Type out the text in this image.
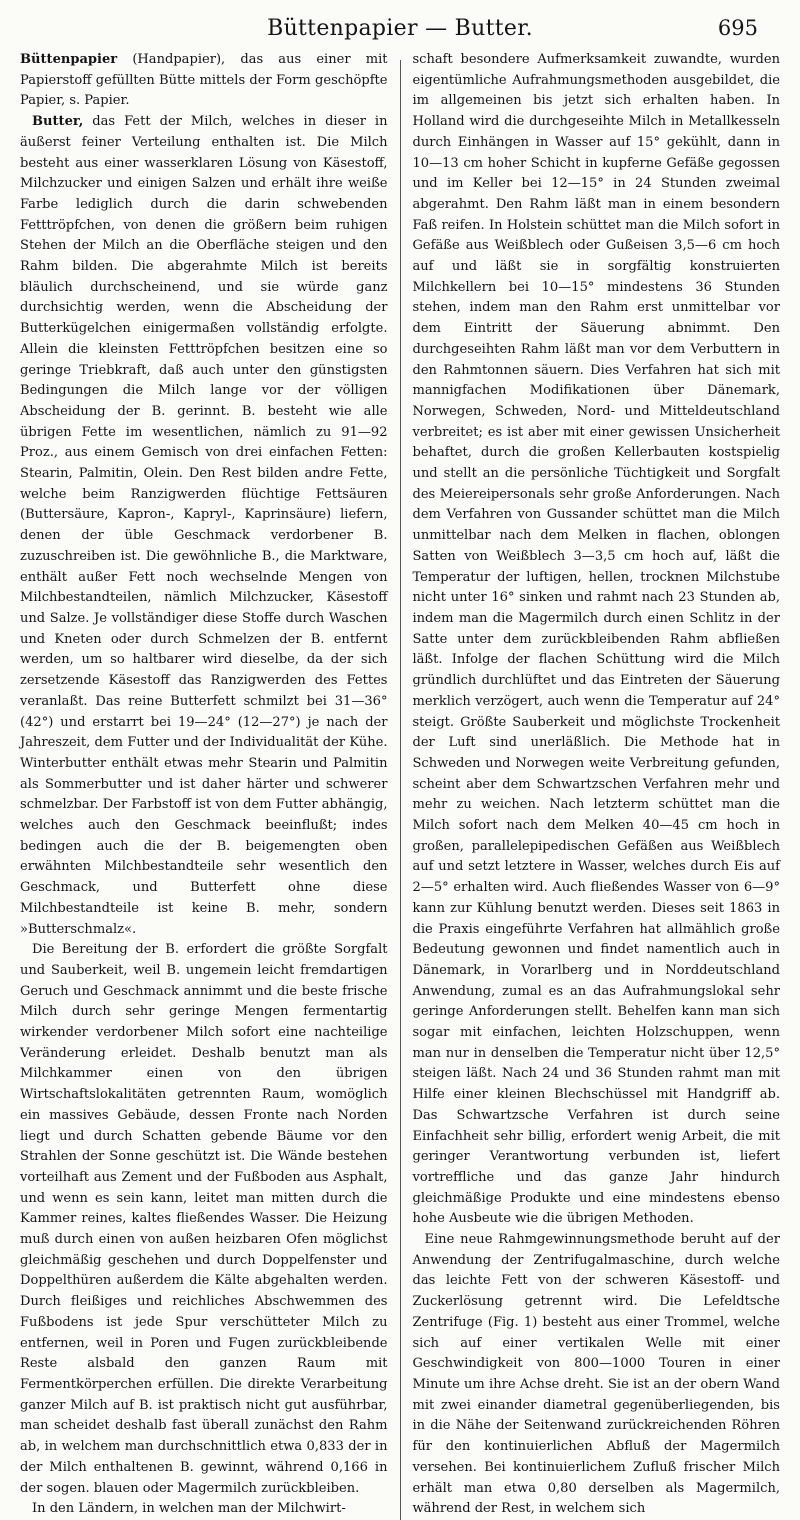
Büttenpapier — Butter.	695

Büttenpapier (Handpapier), das aus einer mit Papierstoff gefüllten Bütte mittels der Form geschöpfte Papier, s. Papier.

Butter, das Fett der Milch, welches in dieser in äußerst feiner Verteilung enthalten ist. Die Milch besteht aus einer wasserklaren Lösung von Käsestoff, Milchzucker und einigen Salzen und erhält ihre weiße Farbe lediglich durch die darin schwebenden Fetttröpfchen, von denen die größern beim ruhigen Stehen der Milch an die Oberfläche steigen und den Rahm bilden. Die abgerahmte Milch ist bereits bläulich durchscheinend, und sie würde ganz durchsichtig werden, wenn die Abscheidung der Butterkügelchen einigermaßen vollständig erfolgte. Allein die kleinsten Fetttröpfchen besitzen eine so geringe Triebkraft, daß auch unter den günstigsten Bedingungen die Milch lange vor der völligen Abscheidung der B. gerinnt. B. besteht wie alle übrigen Fette im wesentlichen, nämlich zu 91—92 Proz., aus einem Gemisch von drei einfachen Fetten: Stearin, Palmitin, Olein. Den Rest bilden andre Fette, welche beim Ranzigwerden flüchtige Fettsäuren (Buttersäure, Kapron-, Kapryl-, Kaprinsäure) liefern, denen der üble Geschmack verdorbener B. zuzuschreiben ist. Die gewöhnliche B., die Marktware, enthält außer Fett noch wechselnde Mengen von Milchbestandteilen, nämlich Milchzucker, Käsestoff und Salze. Je vollständiger diese Stoffe durch Waschen und Kneten oder durch Schmelzen der B. entfernt werden, um so haltbarer wird dieselbe, da der sich zersetzende Käsestoff das Ranzigwerden des Fettes veranlaßt. Das reine Butterfett schmilzt bei 31—36° (42°) und erstarrt bei 19—24° (12—27°) je nach der Jahreszeit, dem Futter und der Individualität der Kühe. Winterbutter enthält etwas mehr Stearin und Palmitin als Sommerbutter und ist daher härter und schwerer schmelzbar. Der Farbstoff ist von dem Futter abhängig, welches auch den Geschmack beeinflußt; indes bedingen auch die der B. beigemengten oben erwähnten Milchbestandteile sehr wesentlich den Geschmack, und Butterfett ohne diese Milchbestandteile ist keine B. mehr, sondern »Butterschmalz«.

Die Bereitung der B. erfordert die größte Sorgfalt und Sauberkeit, weil B. ungemein leicht fremdartigen Geruch und Geschmack annimmt und die beste frische Milch durch sehr geringe Mengen fermentartig wirkender verdorbener Milch sofort eine nachteilige Veränderung erleidet. Deshalb benutzt man als Milchkammer einen von den übrigen Wirtschaftslokalitäten getrennten Raum, womöglich ein massives Gebäude, dessen Fronte nach Norden liegt und durch Schatten gebende Bäume vor den Strahlen der Sonne geschützt ist. Die Wände bestehen vorteilhaft aus Zement und der Fußboden aus Asphalt, und wenn es sein kann, leitet man mitten durch die Kammer reines, kaltes fließendes Wasser. Die Heizung muß durch einen von außen heizbaren Ofen möglichst gleichmäßig geschehen und durch Doppelfenster und Doppelthüren außerdem die Kälte abgehalten werden. Durch fleißiges und reichliches Abschwemmen des Fußbodens ist jede Spur verschütteter Milch zu entfernen, weil in Poren und Fugen zurückbleibende Reste alsbald den ganzen Raum mit Fermentkörperchen erfüllen. Die direkte Verarbeitung ganzer Milch auf B. ist praktisch nicht gut ausführbar, man scheidet deshalb fast überall zunächst den Rahm ab, in welchem man durchschnittlich etwa 0,833 der in der Milch enthaltenen B. gewinnt, während 0,166 in der sogen. blauen oder Magermilch zurückbleiben.

In den Ländern, in welchen man der Milchwirt-

schaft besondere Aufmerksamkeit zuwandte, wurden eigentümliche Aufrahmungsmethoden ausgebildet, die im allgemeinen bis jetzt sich erhalten haben. In Holland wird die durchgeseihte Milch in Metallkesseln durch Einhängen in Wasser auf 15° gekühlt, dann in 10—13 cm hoher Schicht in kupferne Gefäße gegossen und im Keller bei 12—15° in 24 Stunden zweimal abgerahmt. Den Rahm läßt man in einem besondern Faß reifen. In Holstein schüttet man die Milch sofort in Gefäße aus Weißblech oder Gußeisen 3,5—6 cm hoch auf und läßt sie in sorgfältig konstruierten Milchkellern bei 10—15° mindestens 36 Stunden stehen, indem man den Rahm erst unmittelbar vor dem Eintritt der Säuerung abnimmt. Den durchgeseihten Rahm läßt man vor dem Verbuttern in den Rahmtonnen säuern. Dies Verfahren hat sich mit mannigfachen Modifikationen über Dänemark, Norwegen, Schweden, Nord- und Mitteldeutschland verbreitet; es ist aber mit einer gewissen Unsicherheit behaftet, durch die großen Kellerbauten kostspielig und stellt an die persönliche Tüchtigkeit und Sorgfalt des Meiereipersonals sehr große Anforderungen. Nach dem Verfahren von Gussander schüttet man die Milch unmittelbar nach dem Melken in flachen, oblongen Satten von Weißblech 3—3,5 cm hoch auf, läßt die Temperatur der luftigen, hellen, trocknen Milchstube nicht unter 16° sinken und rahmt nach 23 Stunden ab, indem man die Magermilch durch einen Schlitz in der Satte unter dem zurückbleibenden Rahm abfließen läßt. Infolge der flachen Schüttung wird die Milch gründlich durchlüftet und das Eintreten der Säuerung merklich verzögert, auch wenn die Temperatur auf 24° steigt. Größte Sauberkeit und möglichste Trockenheit der Luft sind unerläßlich. Die Methode hat in Schweden und Norwegen weite Verbreitung gefunden, scheint aber dem Schwartzschen Verfahren mehr und mehr zu weichen. Nach letzterm schüttet man die Milch sofort nach dem Melken 40—45 cm hoch in großen, parallelepipedischen Gefäßen aus Weißblech auf und setzt letztere in Wasser, welches durch Eis auf 2—5° erhalten wird. Auch fließendes Wasser von 6—9° kann zur Kühlung benutzt werden. Dieses seit 1863 in die Praxis eingeführte Verfahren hat allmählich große Bedeutung gewonnen und findet namentlich auch in Dänemark, in Vorarlberg und in Norddeutschland Anwendung, zumal es an das Aufrahmungslokal sehr geringe Anforderungen stellt. Behelfen kann man sich sogar mit einfachen, leichten Holzschuppen, wenn man nur in denselben die Temperatur nicht über 12,5° steigen läßt. Nach 24 und 36 Stunden rahmt man mit Hilfe einer kleinen Blechschüssel mit Handgriff ab. Das Schwartzsche Verfahren ist durch seine Einfachheit sehr billig, erfordert wenig Arbeit, die mit geringer Verantwortung verbunden ist, liefert vortreffliche und das ganze Jahr hindurch gleichmäßige Produkte und eine mindestens ebenso hohe Ausbeute wie die übrigen Methoden.

Eine neue Rahmgewinnungsmethode beruht auf der Anwendung der Zentrifugalmaschine, durch welche das leichte Fett von der schweren Käsestoff- und Zuckerlösung getrennt wird. Die Lefeldtsche Zentrifuge (Fig. 1) besteht aus einer Trommel, welche sich auf einer vertikalen Welle mit einer Geschwindigkeit von 800—1000 Touren in einer Minute um ihre Achse dreht. Sie ist an der obern Wand mit zwei einander diametral gegenüberliegenden, bis in die Nähe der Seitenwand zurückreichenden Röhren für den kontinuierlichen Abfluß der Magermilch versehen. Bei kontinuierlichem Zufluß frischer Milch erhält man etwa 0,80 derselben als Magermilch, während der Rest, in welchem sich
